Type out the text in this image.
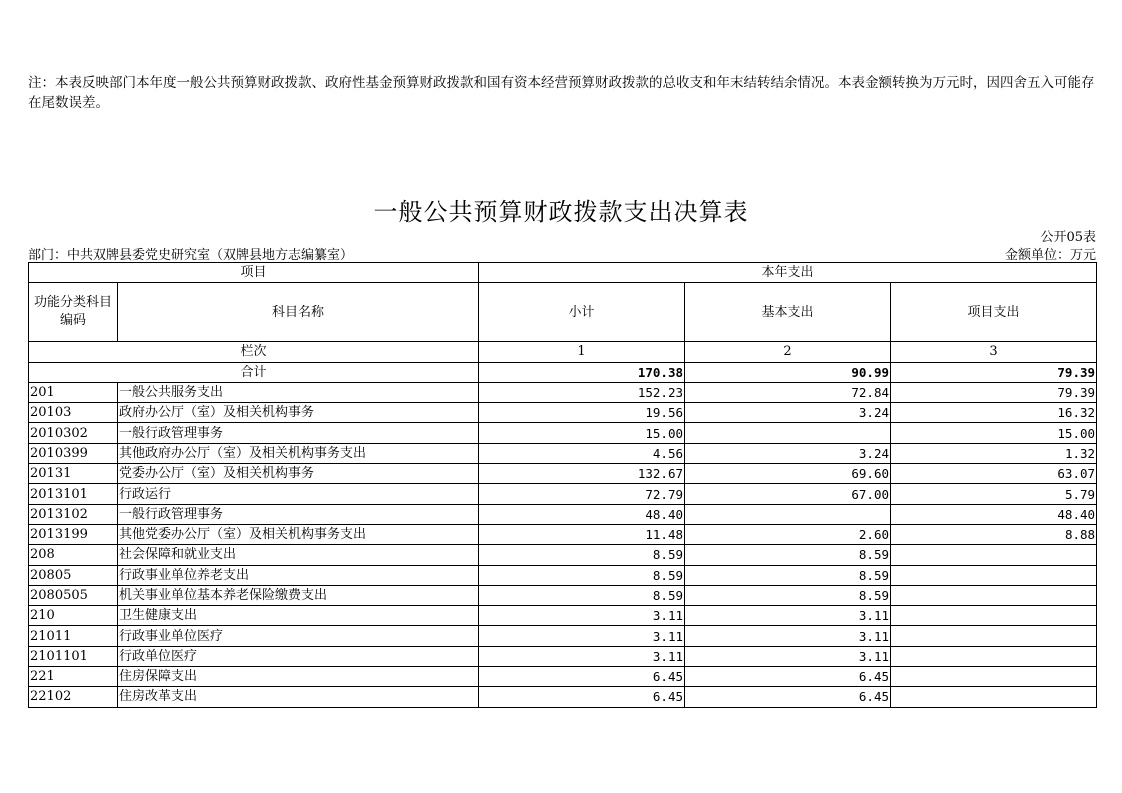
注：本表反映部门本年度一般公共预算财政拨款、政府性基金预算财政拨款和国有资本经营预算财政拨款的总收支和年末结转结余情况。本表金额转换为万元时，因四舍五入可能存在尾数误差。
一般公共预算财政拨款支出决算表
公开05表
部门：中共双牌县委党史研究室（双牌县地方志编纂室）	金额单位：万元
项目		本年支出		
功能分类科目编码	科目名称	小计	基本支出	项目支出
栏次		1	2	3
合计		170.38	90.99	79.39
201	一般公共服务支出	152.23	72.84	79.39
20103	政府办公厅（室）及相关机构事务	19.56	3.24	16.32
2010302	一般行政管理事务	15.00		15.00
2010399	其他政府办公厅（室）及相关机构事务支出	4.56	3.24	1.32
20131	党委办公厅（室）及相关机构事务	132.67	69.60	63.07
2013101	行政运行	72.79	67.00	5.79
2013102	一般行政管理事务	48.40		48.40
2013199	其他党委办公厅（室）及相关机构事务支出	11.48	2.60	8.88
208	社会保障和就业支出	8.59	8.59	
20805	行政事业单位养老支出	8.59	8.59	
2080505	机关事业单位基本养老保险缴费支出	8.59	8.59	
210	卫生健康支出	3.11	3.11	
21011	行政事业单位医疗	3.11	3.11	
2101101	行政单位医疗	3.11	3.11	
221	住房保障支出	6.45	6.45	
22102	住房改革支出	6.45	6.45	
